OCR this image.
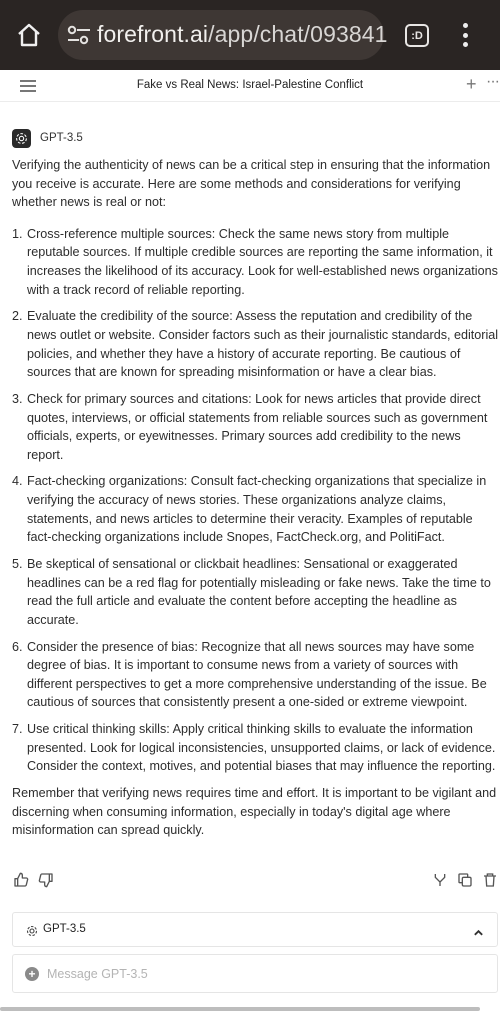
forefront.ai/app/chat/093841 :D
Fake vs Real News: Israel-Palestine Conflict	+ ···
GPT-3.5

Verifying the authenticity of news can be a critical step in ensuring that the information you receive is accurate. Here are some methods and considerations for verifying whether news is real or not:

1. Cross-reference multiple sources: Check the same news story from multiple reputable sources. If multiple credible sources are reporting the same information, it increases the likelihood of its accuracy. Look for well-established news organizations with a track record of reliable reporting.
2. Evaluate the credibility of the source: Assess the reputation and credibility of the news outlet or website. Consider factors such as their journalistic standards, editorial policies, and whether they have a history of accurate reporting. Be cautious of sources that are known for spreading misinformation or have a clear bias.
3. Check for primary sources and citations: Look for news articles that provide direct quotes, interviews, or official statements from reliable sources such as government officials, experts, or eyewitnesses. Primary sources add credibility to the news report.
4. Fact-checking organizations: Consult fact-checking organizations that specialize in verifying the accuracy of news stories. These organizations analyze claims, statements, and news articles to determine their veracity. Examples of reputable fact-checking organizations include Snopes, FactCheck.org, and PolitiFact.
5. Be skeptical of sensational or clickbait headlines: Sensational or exaggerated headlines can be a red flag for potentially misleading or fake news. Take the time to read the full article and evaluate the content before accepting the headline as accurate.
6. Consider the presence of bias: Recognize that all news sources may have some degree of bias. It is important to consume news from a variety of sources with different perspectives to get a more comprehensive understanding of the issue. Be cautious of sources that consistently present a one-sided or extreme viewpoint.
7. Use critical thinking skills: Apply critical thinking skills to evaluate the information presented. Look for logical inconsistencies, unsupported claims, or lack of evidence. Consider the context, motives, and potential biases that may influence the reporting.

Remember that verifying news requires time and effort. It is important to be vigilant and discerning when consuming information, especially in today's digital age where misinformation can spread quickly.

GPT-3.5
+
Message GPT-3.5
